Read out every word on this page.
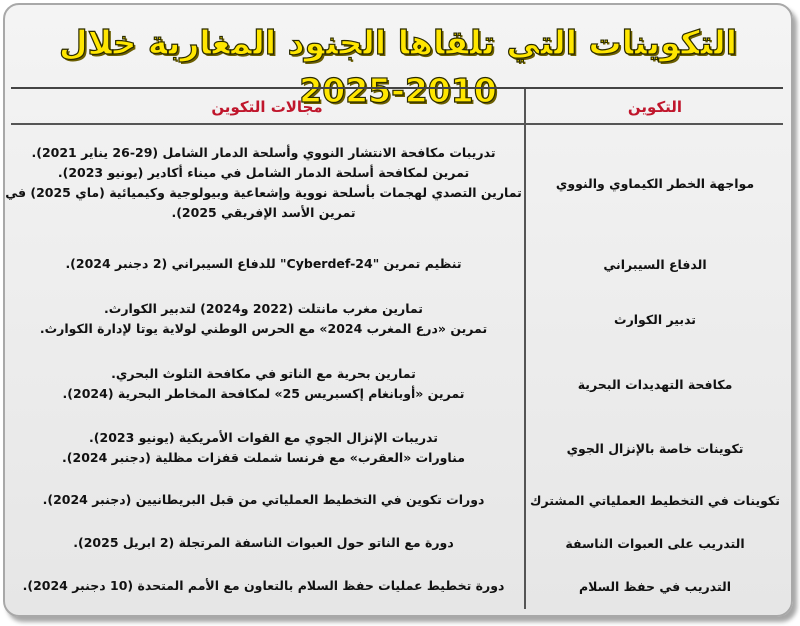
التكوينات التي تلقاها الجنود المغاربة خلال 2010-2025	التكوين
مجالات التكوين
مواجهة الخطر الكيماوي والنووي
تدريبات مكافحة الانتشار النووي وأسلحة الدمار الشامل (29-26 يناير 2021).
تمرين لمكافحة أسلحة الدمار الشامل في ميناء أكادير (يونيو 2023).
تمارين التصدي لهجمات بأسلحة نووية وإشعاعية وبيولوجية وكيميائية (ماي 2025) في
تمرين الأسد الإفريقي 2025).
الدفاع السيبراني
تنظيم تمرين "Cyberdef-24" للدفاع السيبراني (2 دجنبر 2024).
تدبير الكوارث
تمارين مغرب مانتلت (2022 و2024) لتدبير الكوارث.
تمرين «درع المغرب 2024» مع الحرس الوطني لولاية يوتا لإدارة الكوارث.
مكافحة التهديدات البحرية
تمارين بحرية مع الناتو في مكافحة التلوث البحري.
تمرين «أوبانغام إكسبريس 25» لمكافحة المخاطر البحرية (2024).
تكوينات خاصة بالإنزال الجوي
تدريبات الإنزال الجوي مع القوات الأمريكية (يونيو 2023).
مناورات «العقرب» مع فرنسا شملت قفزات مظلية (دجنبر 2024).
تكوينات في التخطيط العملياتي المشترك
دورات تكوين في التخطيط العملياتي من قبل البريطانيين (دجنبر 2024).
التدريب على العبوات الناسفة
دورة مع الناتو حول العبوات الناسفة المرتجلة (2 ابريل 2025).
التدريب في حفظ السلام
دورة تخطيط عمليات حفظ السلام بالتعاون مع الأمم المتحدة (10 دجنبر 2024).
